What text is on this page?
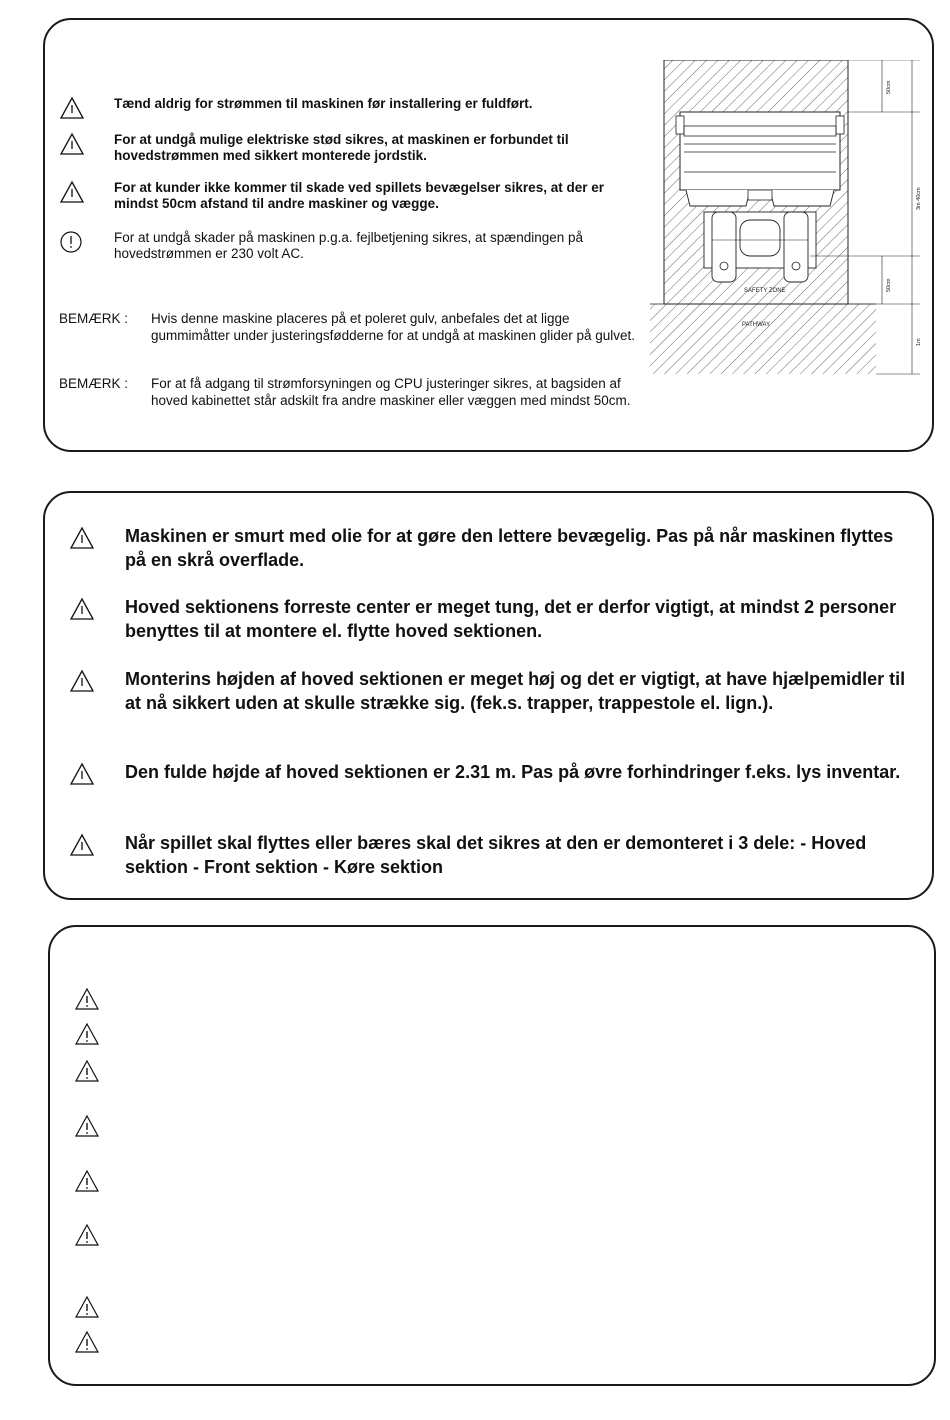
Tænd aldrig for strømmen til maskinen før installering er fuldført.
For at undgå mulige elektriske stød sikres, at maskinen er forbundet til hovedstrømmen med sikkert monterede jordstik.
For at kunder ikke kommer til skade ved spillets bevægelser sikres, at der er mindst 50cm afstand til andre maskiner og vægge.
For at undgå skader på maskinen p.g.a. fejlbetjening sikres, at spændingen på hovedstrømmen er 230 volt AC.
BEMÆRK : Hvis denne maskine placeres på et poleret gulv, anbefales det at ligge gummimåtter under justeringsfødderne for at undgå at maskinen glider på gulvet.
BEMÆRK : For at få adgang til strømforsyningen og CPU justeringer sikres, at bagsiden af hoved kabinettet står adskilt fra andre maskiner eller væggen med mindst 50cm.
SAFETY ZONE
PATHWAY
50cm
3m 40cm
50cm
1m
Maskinen er smurt med olie for at gøre den lettere bevægelig. Pas på når maskinen flyttes på en skrå overflade.
Hoved sektionens forreste center er meget tung, det er derfor vigtigt, at mindst 2 personer benyttes til at montere el. flytte hoved sektionen.
Monterins højden af hoved sektionen er meget høj og det er vigtigt, at have hjælpemidler til at nå sikkert uden at skulle strække sig. (fek.s. trapper, trappestole el. lign.).
Den fulde højde af hoved sektionen er 2.31 m. Pas på øvre forhindringer f.eks. lys inventar.
Når spillet skal flyttes eller bæres skal det sikres at den er demonteret i 3 dele: - Hoved sektion - Front sektion - Køre sektion
